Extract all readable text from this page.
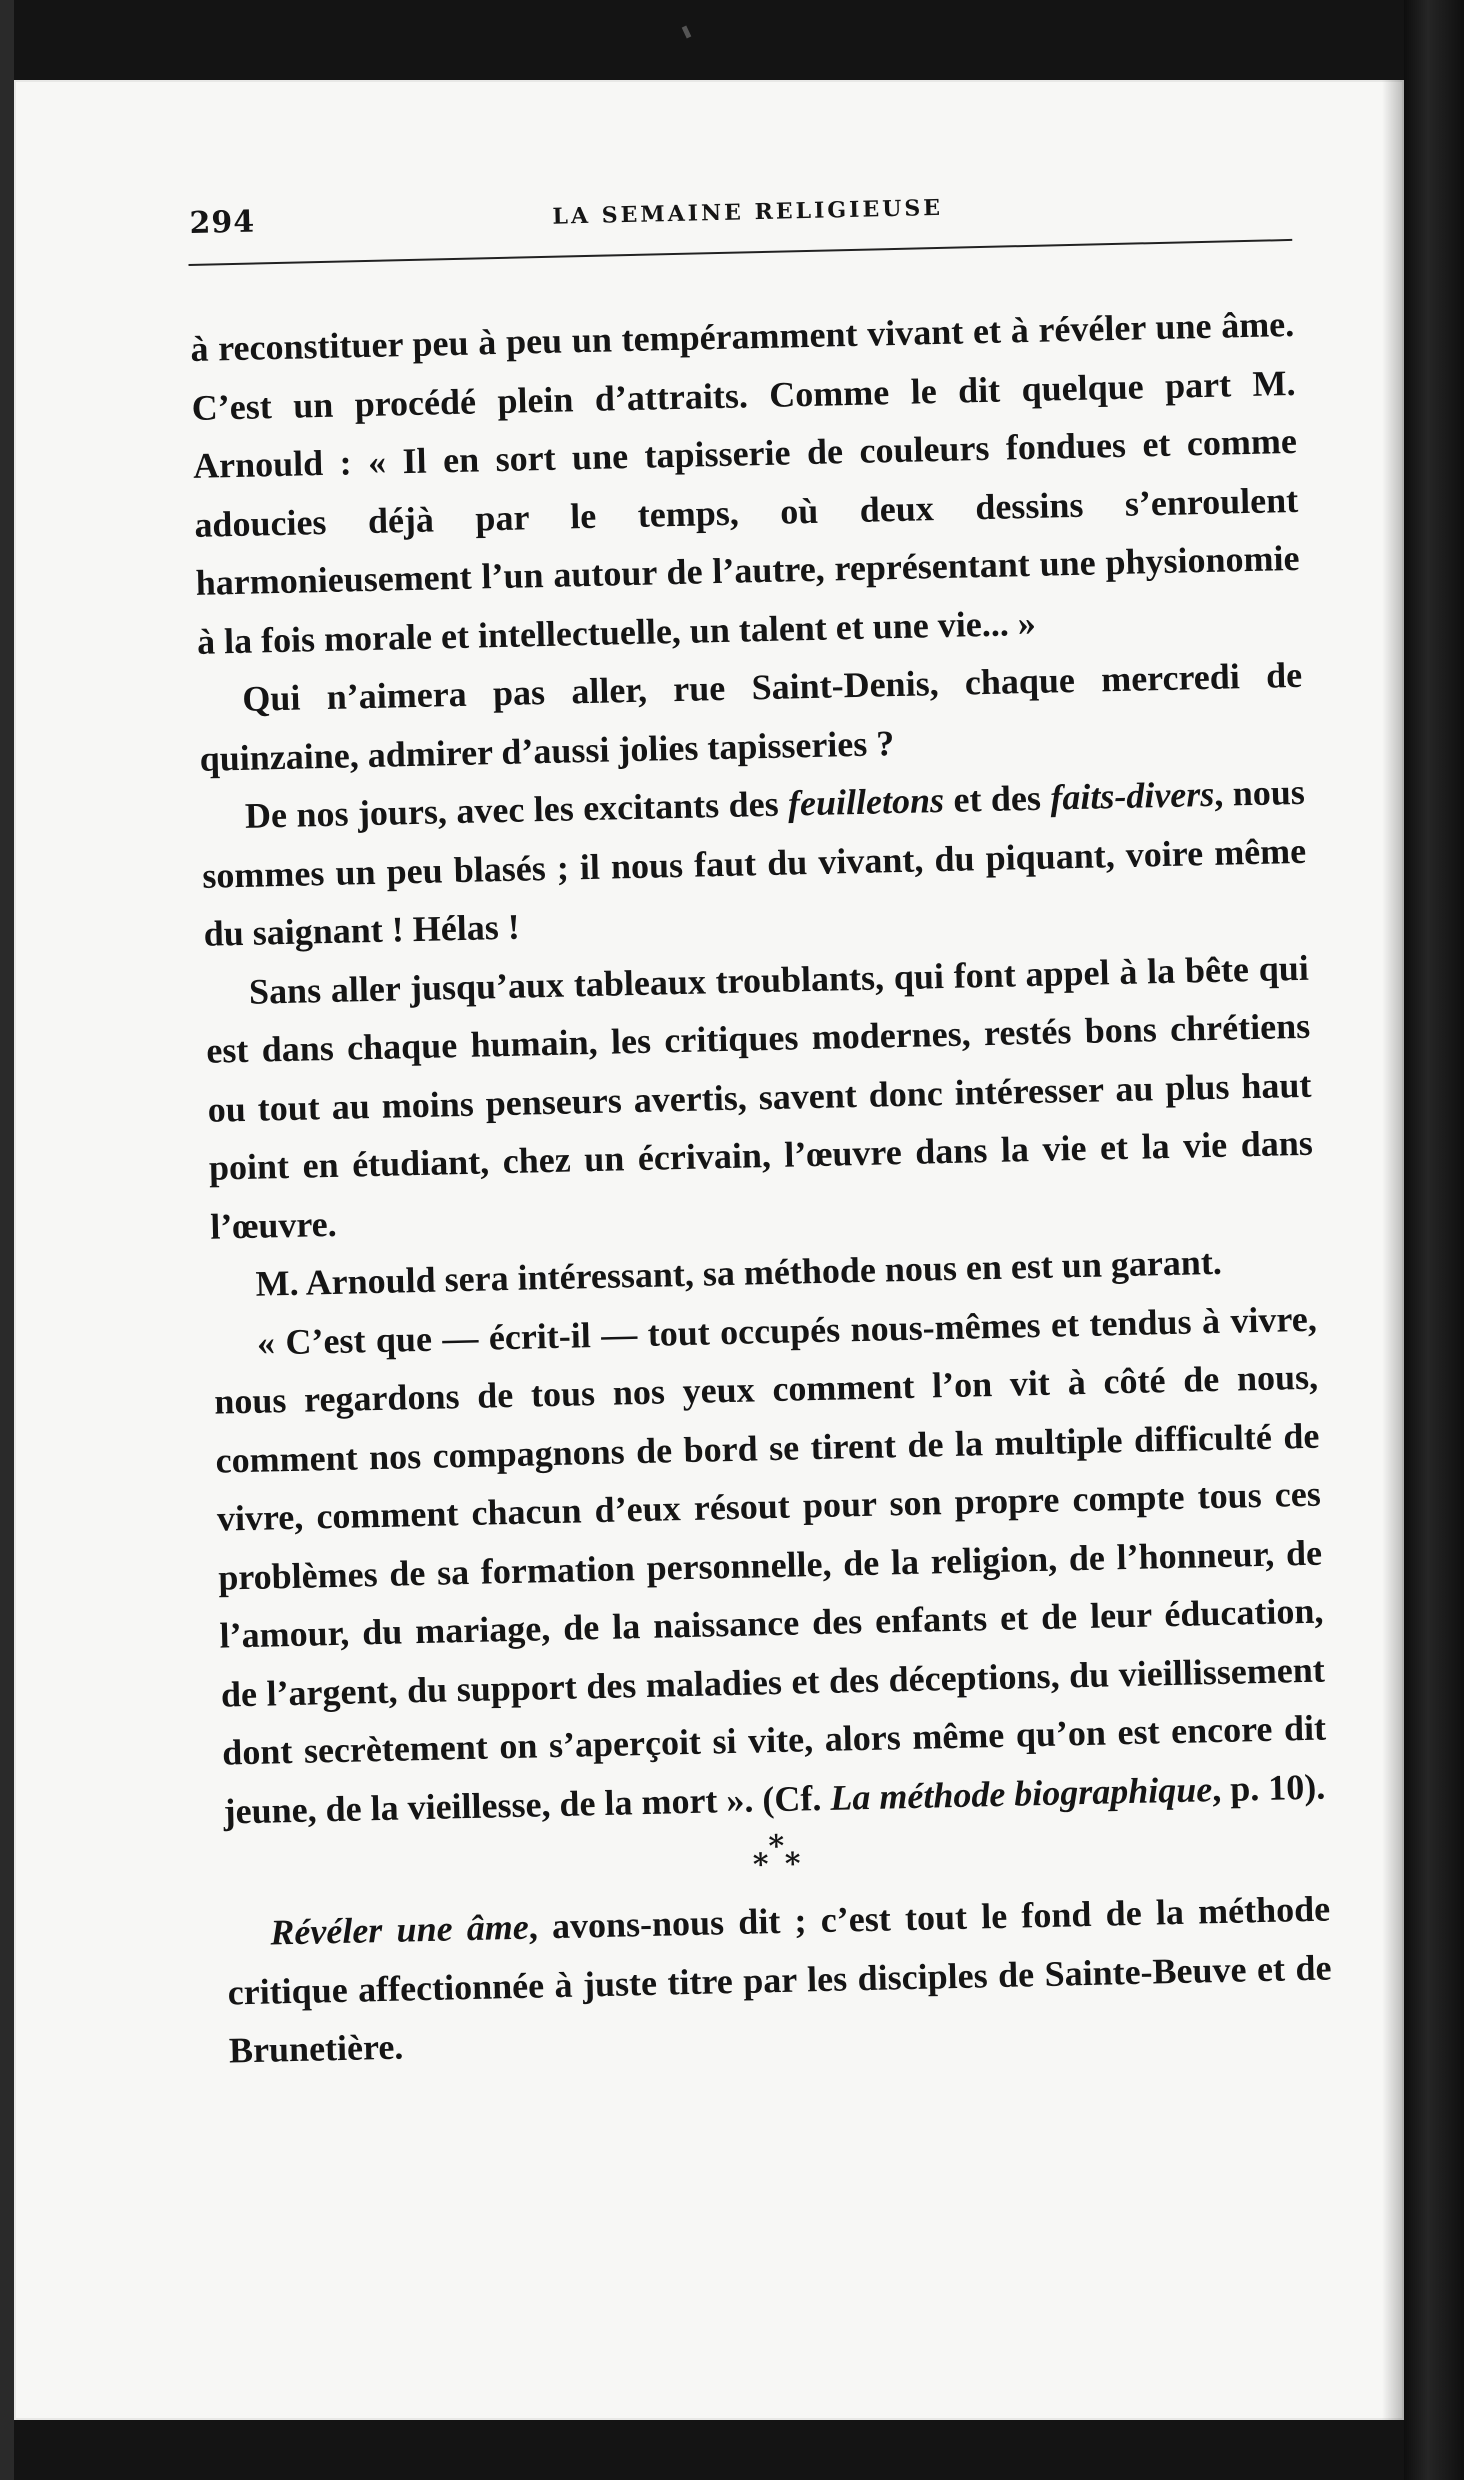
294	LA SEMAINE RELIGIEUSE

à reconstituer peu à peu un tempéramment vivant et à révéler une âme. C’est un procédé plein d’attraits. Comme le dit quelque part M. Arnould : « Il en sort une tapisserie de couleurs fondues et comme adoucies déjà par le temps, où deux dessins s’enroulent harmonieusement l’un autour de l’autre, représentant une physionomie à la fois morale et intellectuelle, un talent et une vie... »

Qui n’aimera pas aller, rue Saint-Denis, chaque mercredi de quinzaine, admirer d’aussi jolies tapisseries ?

De nos jours, avec les excitants des feuilletons et des faits-divers, nous sommes un peu blasés ; il nous faut du vivant, du piquant, voire même du saignant ! Hélas !

Sans aller jusqu’aux tableaux troublants, qui font appel à la bête qui est dans chaque humain, les critiques modernes, restés bons chrétiens ou tout au moins penseurs avertis, savent donc intéresser au plus haut point en étudiant, chez un écrivain, l’œuvre dans la vie et la vie dans l’œuvre.

M. Arnould sera intéressant, sa méthode nous en est un garant.

« C’est que — écrit-il — tout occupés nous-mêmes et tendus à vivre, nous regardons de tous nos yeux comment l’on vit à côté de nous, comment nos compagnons de bord se tirent de la multiple difficulté de vivre, comment chacun d’eux résout pour son propre compte tous ces problèmes de sa formation personnelle, de la religion, de l’honneur, de l’amour, du mariage, de la naissance des enfants et de leur éducation, de l’argent, du support des maladies et des déceptions, du vieillissement dont secrètement on s’aperçoit si vite, alors même qu’on est encore dit jeune, de la vieillesse, de la mort ». (Cf. La méthode biographique, p. 10).

*
* *

Révéler une âme, avons-nous dit ; c’est tout le fond de la méthode critique affectionnée à juste titre par les disciples de Sainte-Beuve et de Brunetière.
